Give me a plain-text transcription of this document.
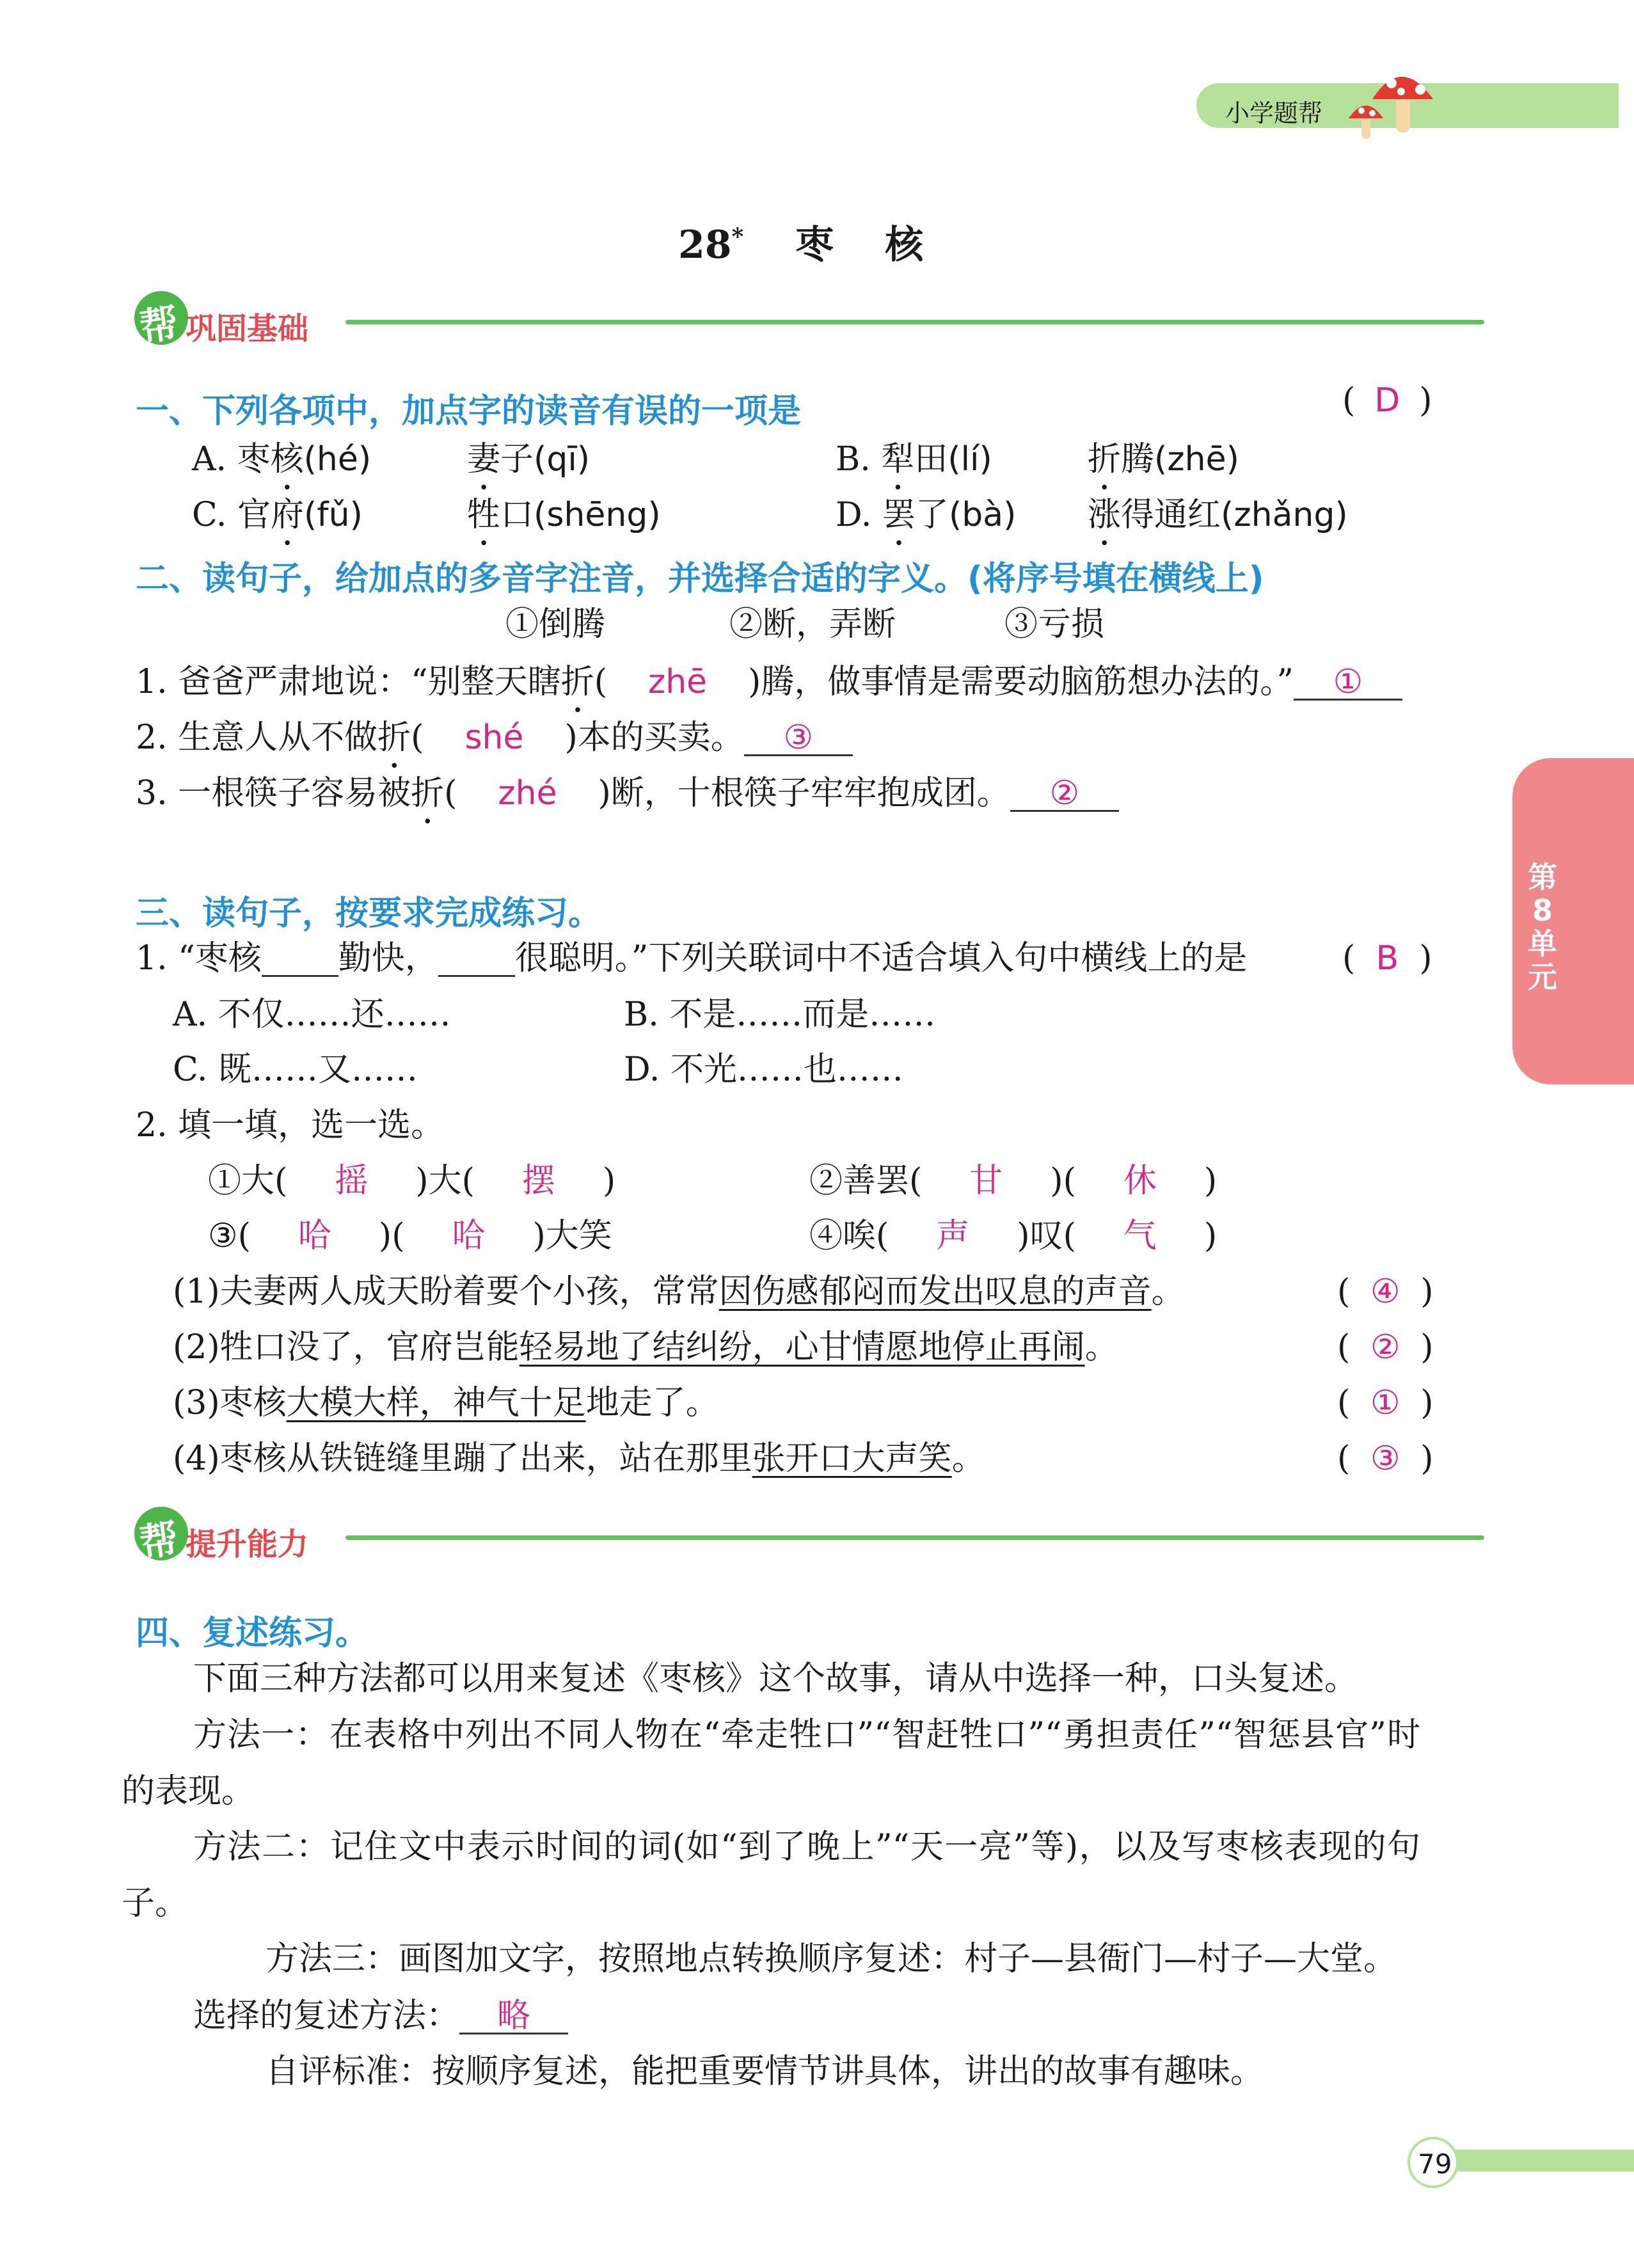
小学题帮
28* 枣　核
帮 巩固基础
一、下列各项中，加点字的读音有误的一项是	( D )
A. 枣核(hé)	妻子(qī)	B. 犁田(lí)	折腾(zhē)
C. 官府(fǔ)	牲口(shēng)	D. 罢了(bà) 涨得通红(zhǎng)
二、读句子，给加点的多音字注音，并选择合适的字义。(将序号填在横线上)
①倒腾	②断，弄断	③亏损
1. 爸爸严肃地说：“别整天瞎折( zhē )腾，做事情是需要动脑筋想办法的。” ①
2. 生意人从不做折( shé )本的买卖。 ③
3. 一根筷子容易被折( zhé )断，十根筷子牢牢抱成团。 ②
三、读句子，按要求完成练习。
1. “枣核 勤快， 很聪明。”下列关联词中不适合填入句中横线上的是	( B )
A. 不仅……还……	B. 不是……而是……
C. 既……又……	D. 不光……也……
2. 填一填，选一选。
①大( 摇 )大( 摆 )	②善罢( 甘 )( 休 )
③( 哈 )( 哈 )大笑	④唉( 声 )叹( 气 )
(1)夫妻两人成天盼着要个小孩，常常因伤感郁闷而发出叹息的声音。	( ④ )
(2)牲口没了，官府岂能轻易地了结纠纷，心甘情愿地停止再闹。	( ② )
(3)枣核大模大样，神气十足地走了。	( ① )
(4)枣核从铁链缝里蹦了出来，站在那里张开口大声笑。	( ③ )
帮 提升能力
四、复述练习。
下面三种方法都可以用来复述《枣核》这个故事，请从中选择一种，口头复述。
方法一：在表格中列出不同人物在“牵走牲口”“智赶牲口”“勇担责任”“智惩县官”时的表现。
方法二：记住文中表示时间的词(如“到了晚上”“天一亮”等)，以及写枣核表现的句子。
方法三：画图加文字，按照地点转换顺序复述：村子—县衙门—村子—大堂。
选择的复述方法： 略
自评标准：按顺序复述，能把重要情节讲具体，讲出的故事有趣味。
第8单元
79
